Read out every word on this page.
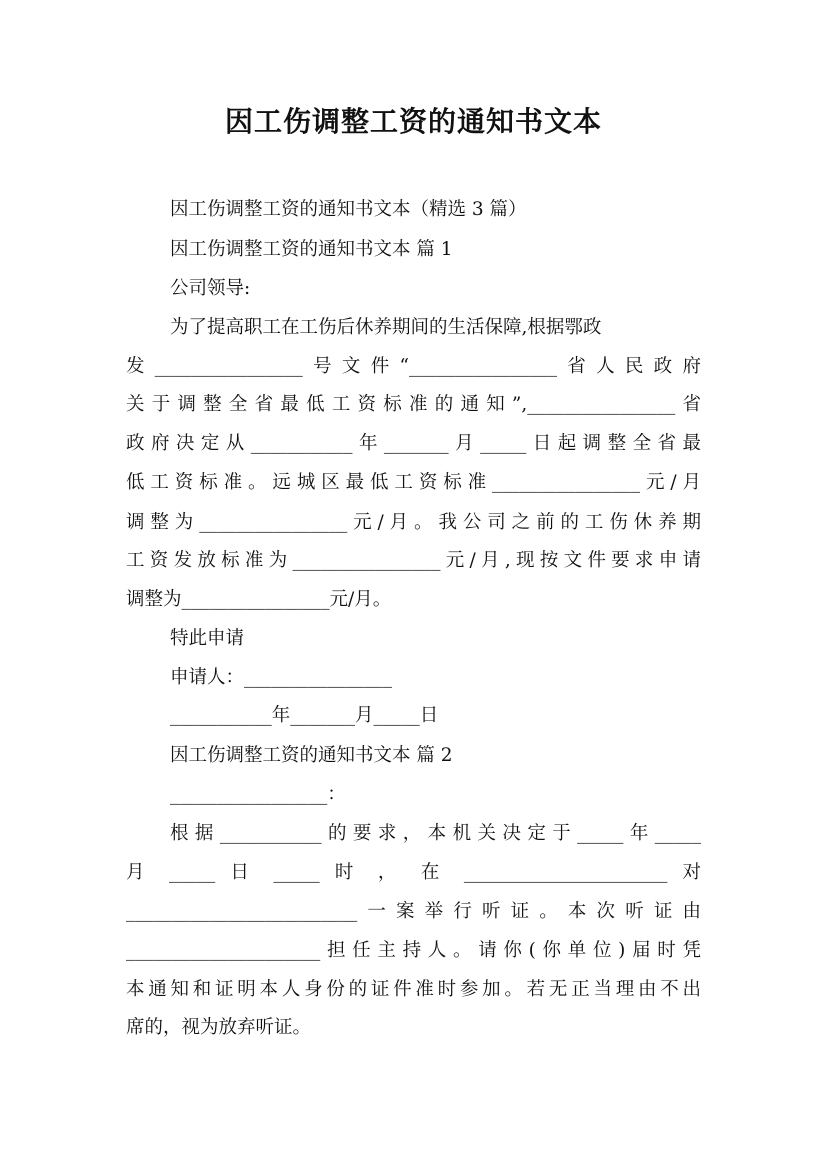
因工伤调整工资的通知书文本
因工伤调整工资的通知书文本（精选 3 篇）
因工伤调整工资的通知书文本 篇 1
公司领导:
为了提高职工在工伤后休养期间的生活保障,根据鄂政
发________________号文件“________________省人民政府
关于调整全省最低工资标准的通知”,________________省
政府决定从___________年_______月_____日起调整全省最
低工资标准。远城区最低工资标准________________元/月
调整为________________元/月。我公司之前的工伤休养期
工资发放标准为________________元/月,现按文件要求申请
调整为________________元/月。
特此申请
申请人：________________
___________年_______月_____日
因工伤调整工资的通知书文本 篇 2
_________________：
根据___________的要求，本机关决定于_____年_____
月 _____ 日 _____ 时 ， 在 ______________________ 对
_________________________一案举行听证。本次听证由
_____________________担任主持人。请你(你单位)届时凭
本通知和证明本人身份的证件准时参加。若无正当理由不出
席的，视为放弃听证。
